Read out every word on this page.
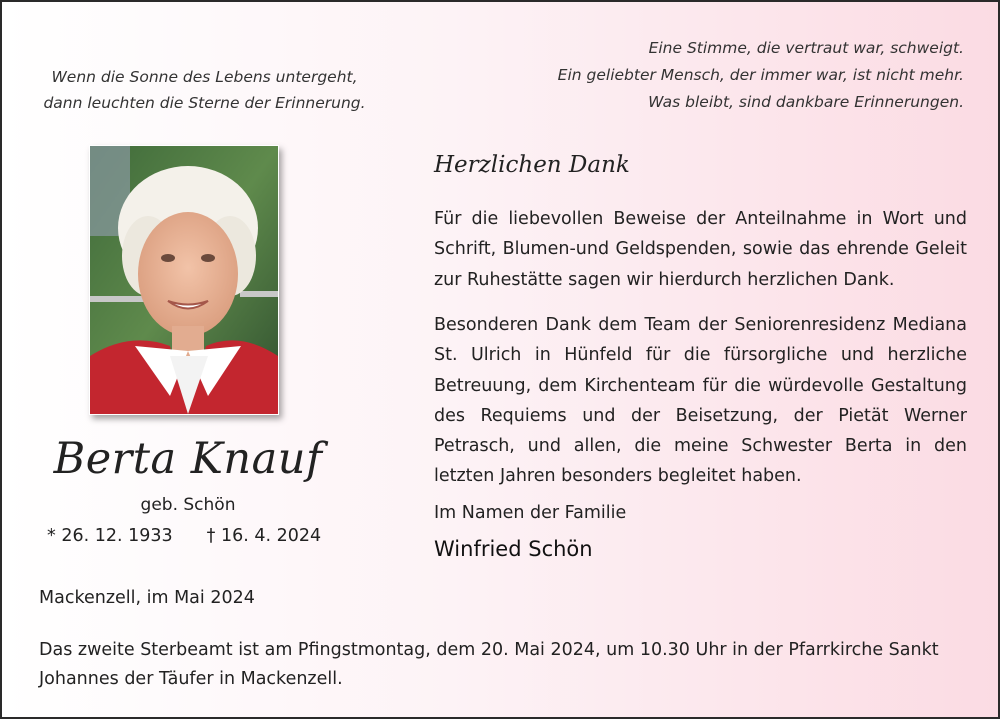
Wenn die Sonne des Lebens untergeht,
dann leuchten die Sterne der Erinnerung.
Eine Stimme, die vertraut war, schweigt.
Ein geliebter Mensch, der immer war, ist nicht mehr.
Was bleibt, sind dankbare Erinnerungen.
Berta Knauf
geb. Schön
* 26. 12. 1933 † 16. 4. 2024
Herzlichen Dank
Für die liebevollen Beweise der Anteilnahme in Wort und Schrift, Blumen-und Geldspenden, sowie das ehrende Geleit zur Ruhestätte sagen wir hierdurch herzlichen Dank.
Besonderen Dank dem Team der Seniorenresidenz Mediana St. Ulrich in Hünfeld für die fürsorgliche und herzliche Betreuung, dem Kirchenteam für die würdevolle Gestaltung des Requiems und der Beisetzung, der Pietät Werner Petrasch, und allen, die meine Schwester Berta in den letzten Jahren besonders begleitet haben.
Im Namen der Familie
Winfried Schön
Mackenzell, im Mai 2024
Das zweite Sterbeamt ist am Pfingstmontag, dem 20. Mai 2024, um 10.30 Uhr in der Pfarrkirche Sankt Johannes der Täufer in Mackenzell.
